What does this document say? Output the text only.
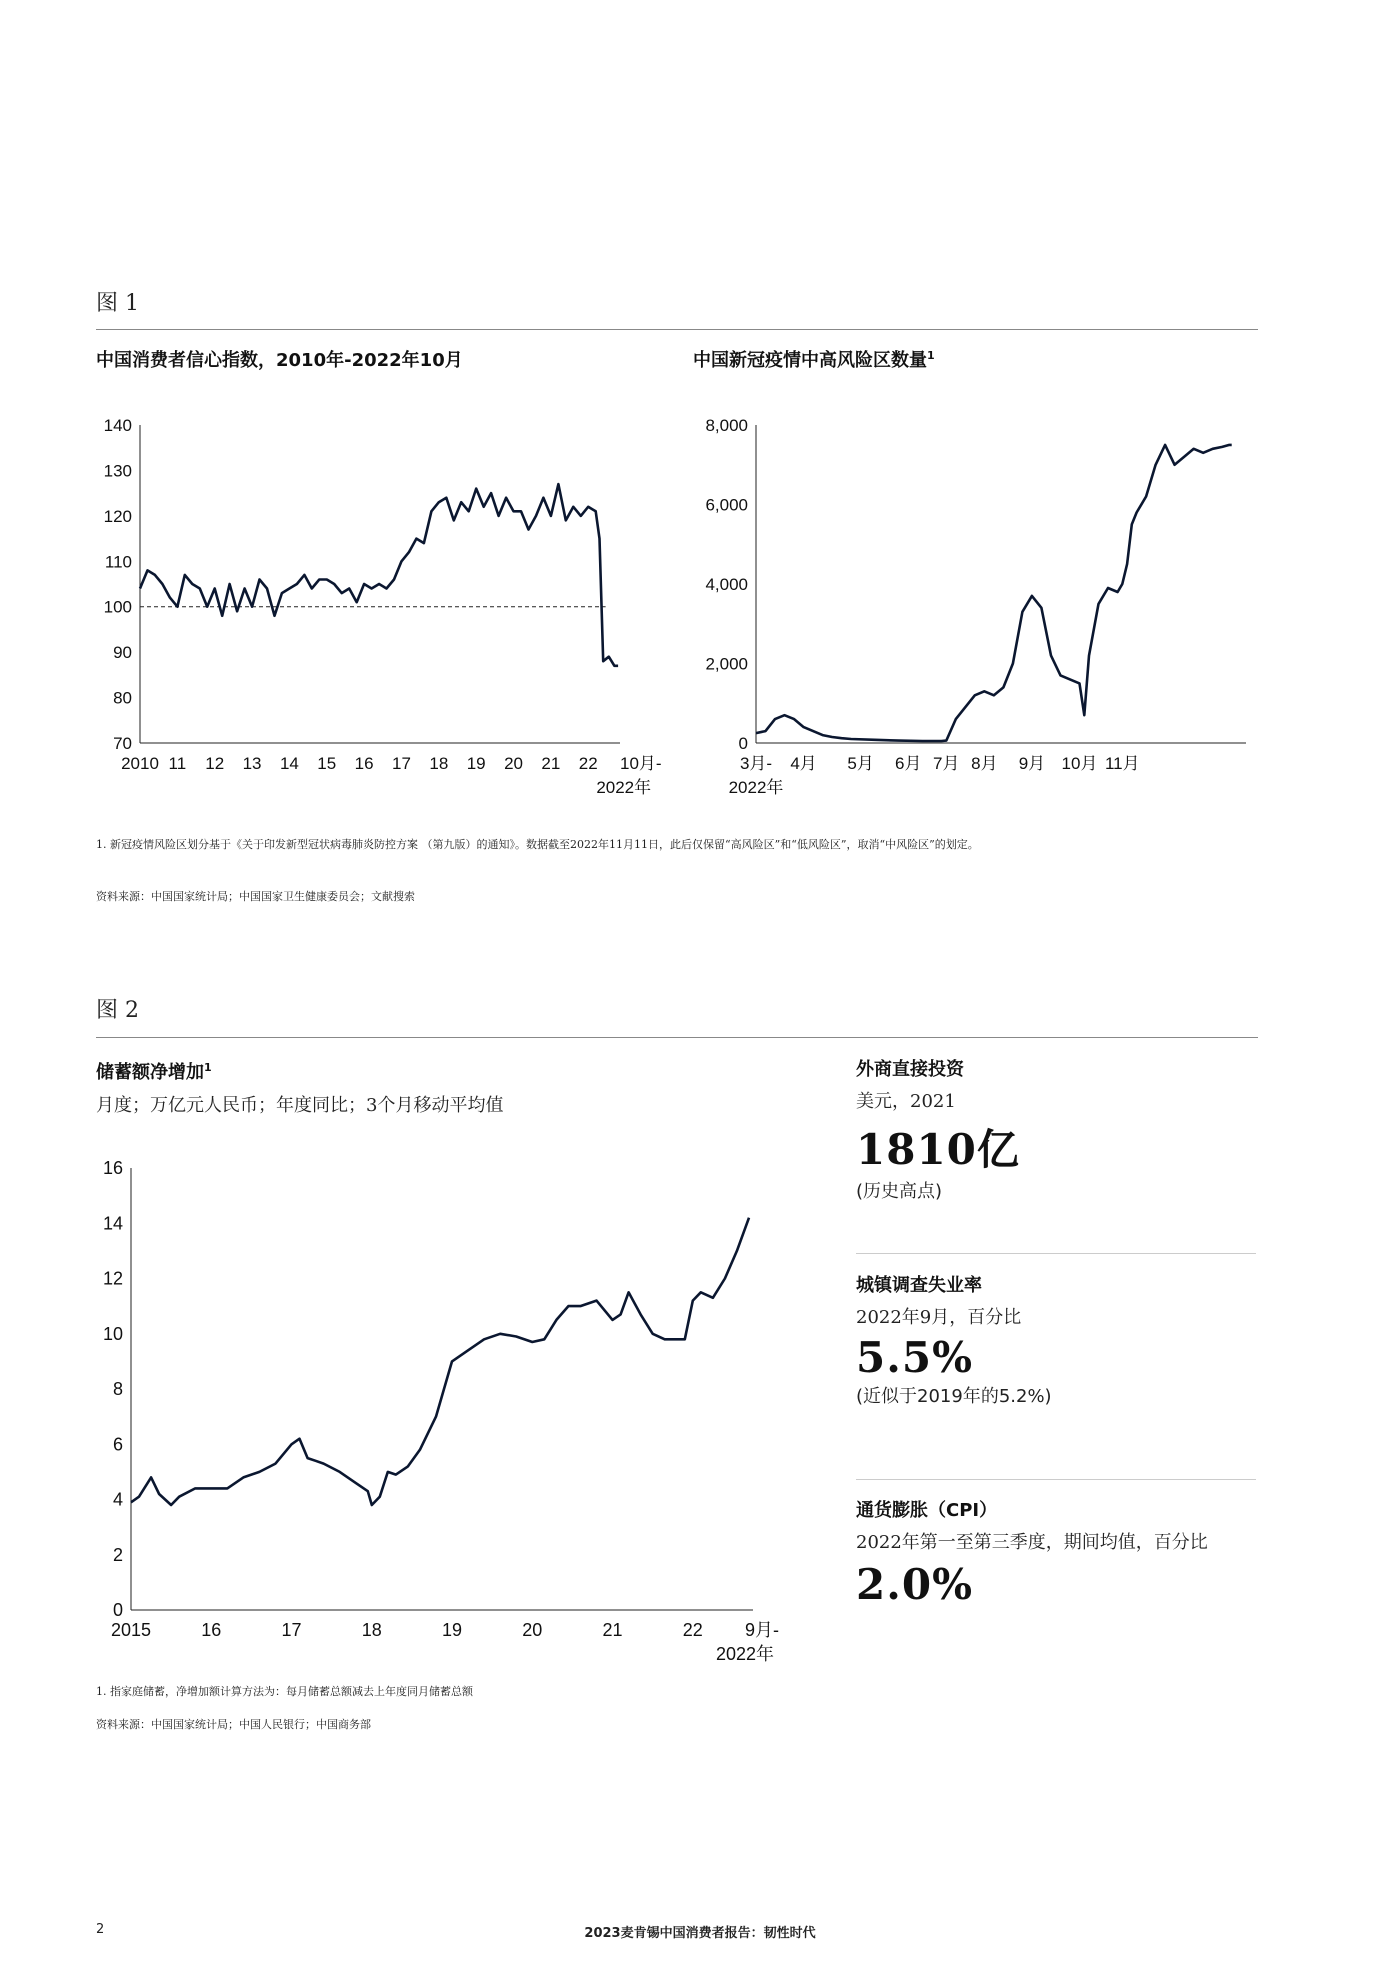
图 1
中国消费者信心指数，2010年-2022年10月	中国新冠疫情中高风险区数量$^1$
70
80
90
100
110
120
130
140
2010 11 12 13 14 15 16 17 18 19 20 21 22 10月-
2022年
0
2,000
4,000
6,000
8,000
3月-
2022年
4月 5月 6月 7月 8月 9月 10月 11月
1. 新冠疫情风险区划分基于《关于印发新型冠状病毒肺炎防控方案 （第九版）的通知》。数据截至2022年11月11日，此后仅保留“高风险区”和“低风险区”，取消“中风险区”的划定。
资料来源：中国国家统计局；中国国家卫生健康委员会；文献搜索
图 2
储蓄额净增加$^1$
月度；万亿元人民币；年度同比；3个月移动平均值
0
2
4
6
8
10
12
14
16
2015	16	17	18	19	20	21	22 9月-
2022年
1. 指家庭储蓄，净增加额计算方法为：每月储蓄总额减去上年度同月储蓄总额
资料来源：中国国家统计局；中国人民银行；中国商务部
外商直接投资
美元，2021
1810亿
(历史高点)
城镇调查失业率
2022年9月，百分比
5.5%
(近似于2019年的5.2%)
通货膨胀（CPI）
2022年第一至第三季度，期间均值，百分比
2.0%
2	2023麦肯锡中国消费者报告：韧性时代
